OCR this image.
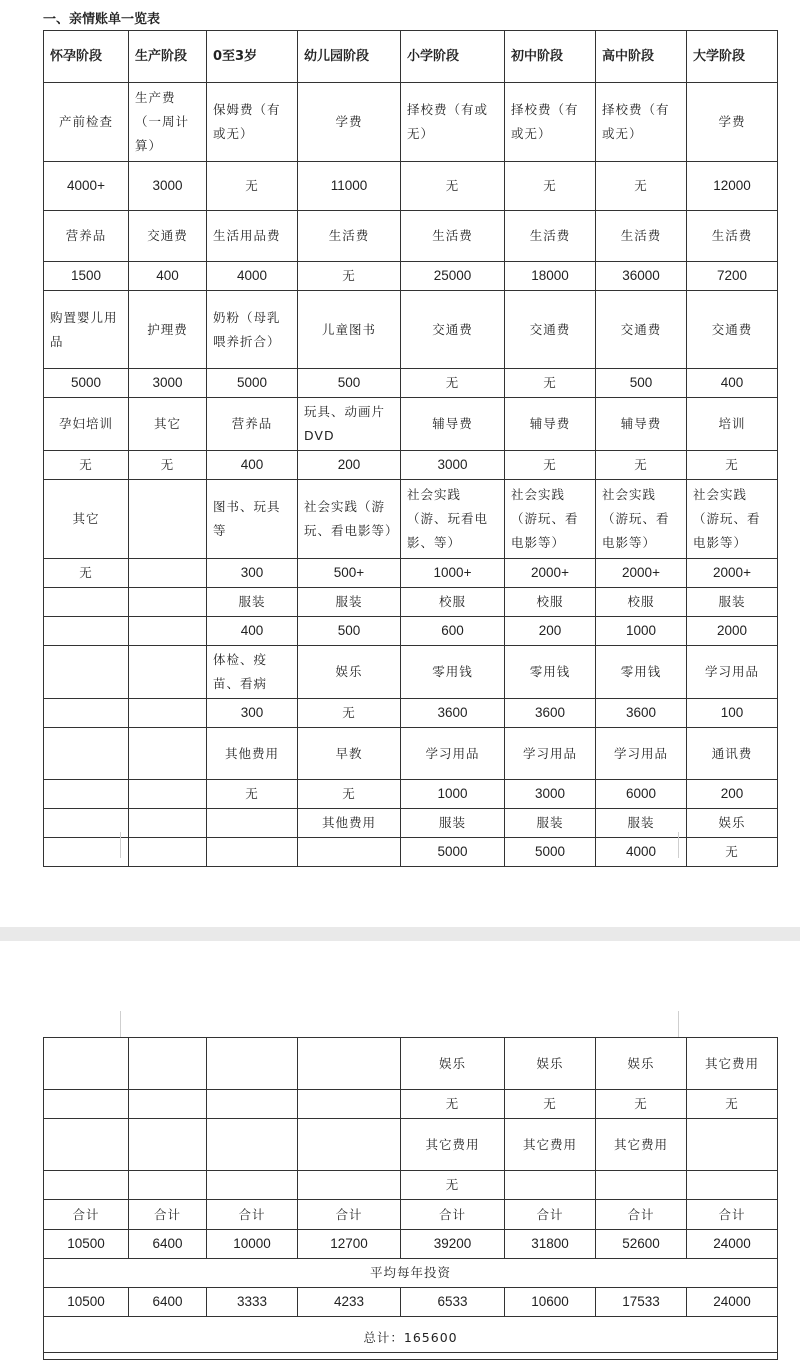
一、亲情账单一览表
怀孕阶段	生产阶段	0至3岁	幼儿园阶段	小学阶段	初中阶段	高中阶段	大学阶段
产前检查	生产费（一周计算）	保姆费（有或无）	学费	择校费（有或无）	择校费（有或无）	择校费（有或无）	学费
4000+	3000	无	11000	无	无	无	12000
营养品	交通费	生活用品费	生活费	生活费	生活费	生活费	生活费
1500	400	4000	无	25000	18000	36000	7200
购置婴儿用品	护理费	奶粉（母乳喂养折合）	儿童图书	交通费	交通费	交通费	交通费
5000	3000	5000	500	无	无	500	400
孕妇培训	其它	营养品	玩具、动画片DVD	辅导费	辅导费	辅导费	培训
无	无	400	200	3000	无	无	无
其它		图书、玩具等	社会实践（游玩、看电影等）	社会实践（游、玩看电影、等）	社会实践（游玩、看电影等）	社会实践（游玩、看电影等）	社会实践（游玩、看电影等）
无		300	500+	1000+	2000+	2000+	2000+
		服装	服装	校服	校服	校服	服装
		400	500	600	200	1000	2000
		体检、疫苗、看病	娱乐	零用钱	零用钱	零用钱	学习用品
		300	无	3600	3600	3600	100
		其他费用	早教	学习用品	学习用品	学习用品	通讯费
		无	无	1000	3000	6000	200
			其他费用	服装	服装	服装	娱乐
				5000	5000	4000	无
				娱乐	娱乐	娱乐	其它费用
				无	无	无	无
				其它费用	其它费用	其它费用	
				无			
合计	合计	合计	合计	合计	合计	合计	合计
10500	6400	10000	12700	39200	31800	52600	24000
平均每年投资							
10500	6400	3333	4233	6533	10600	17533	24000
总计：165600							
